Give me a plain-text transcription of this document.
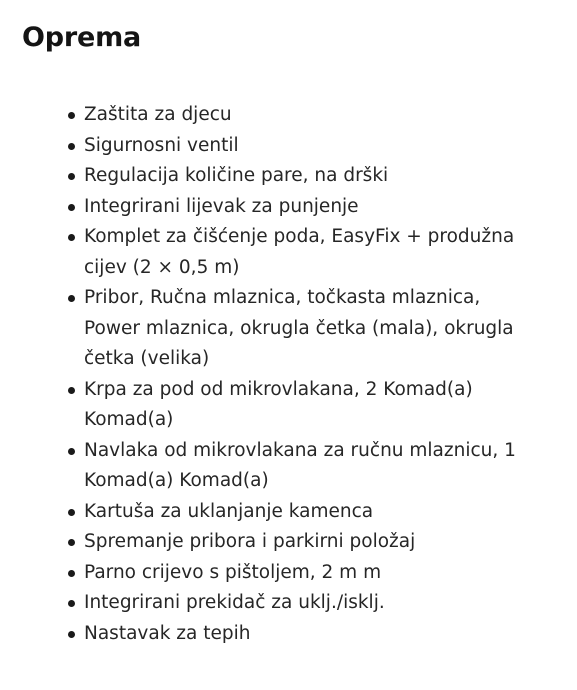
Oprema
Zaštita za djecu
Sigurnosni ventil
Regulacija količine pare, na drški
Integrirani lijevak za punjenje
Komplet za čišćenje poda, EasyFix + produžna cijev (2 × 0,5 m)
Pribor, Ručna mlaznica, točkasta mlaznica, Power mlaznica, okrugla četka (mala), okrugla četka (velika)
Krpa za pod od mikrovlakana, 2 Komad(a) Komad(a)
Navlaka od mikrovlakana za ručnu mlaznicu, 1 Komad(a) Komad(a)
Kartuša za uklanjanje kamenca
Spremanje pribora i parkirni položaj
Parno crijevo s pištoljem, 2 m m
Integrirani prekidač za uklj./isklj.
Nastavak za tepih
